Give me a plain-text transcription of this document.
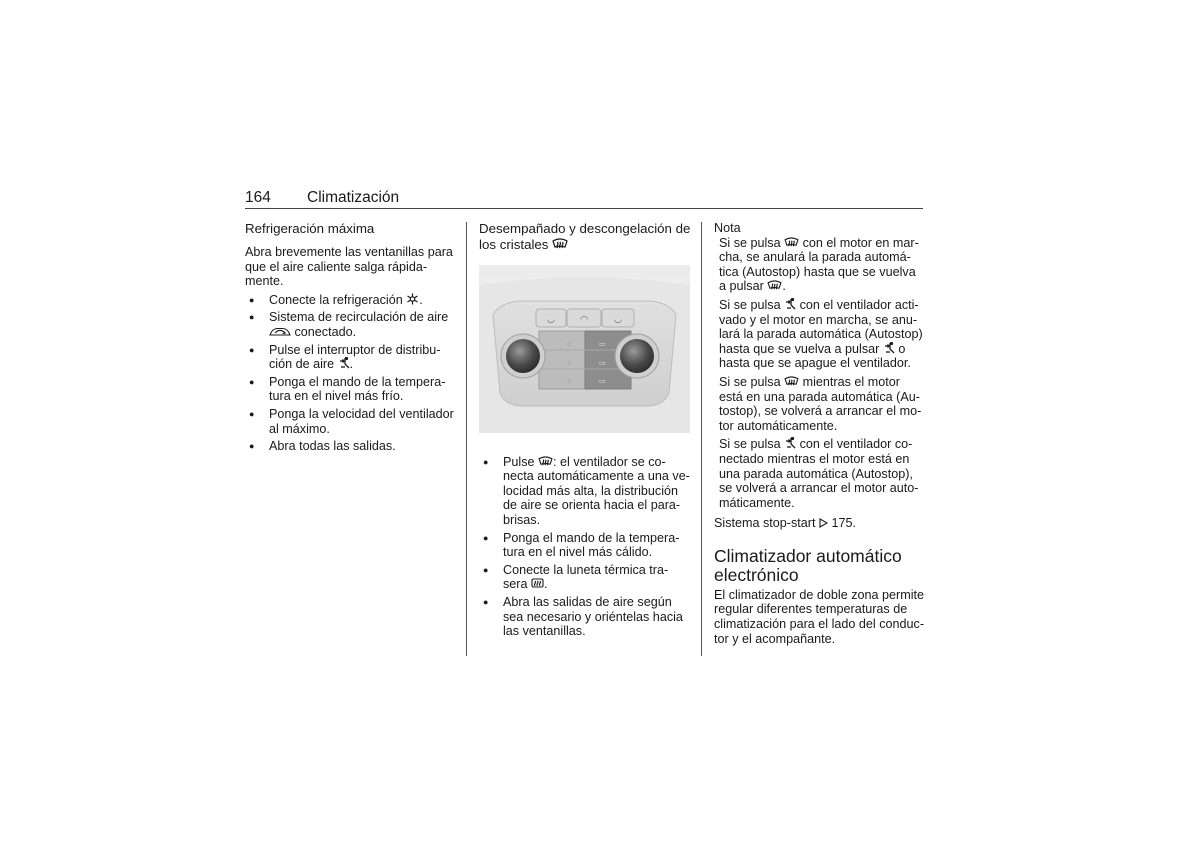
164 Climatización

Refrigeración máxima

Abra brevemente las ventanillas para que el aire caliente salga rápida-mente.

● Conecte la refrigeración .
● Sistema de recirculación de aire
conectado.
● Pulse el interruptor de distribu-ción de aire .
● Ponga el mando de la tempera-tura en el nivel más frío.
● Ponga la velocidad del ventilador al máximo.
● Abra todas las salidas.

Desempañado y descongelación de los cristales

◡	◠	◡
◌	▭
◌	▭
◌	▭
● Pulse : el ventilador se co-necta automáticamente a una ve-locidad más alta, la distribución de aire se orienta hacia el para-brisas.
● Ponga el mando de la tempera-tura en el nivel más cálido.
● Conecte la luneta térmica tra-sera .
● Abra las salidas de aire según sea necesario y oriéntelas hacia las ventanillas.

Nota

Si se pulsa con el motor en mar-cha, se anulará la parada automá-tica (Autostop) hasta que se vuelva a pulsar .

Si se pulsa con el ventilador acti-vado y el motor en marcha, se anu-lará la parada automática (Autostop) hasta que se vuelva a pulsar o hasta que se apague el ventilador.

Si se pulsa mientras el motor está en una parada automática (Au-tostop), se volverá a arrancar el mo-tor automáticamente.

Si se pulsa con el ventilador co-nectado mientras el motor está en una parada automática (Autostop), se volverá a arrancar el motor auto-máticamente.

Sistema stop-start 175.

Climatizador automático electrónico

El climatizador de doble zona permite regular diferentes temperaturas de climatización para el lado del conduc-tor y el acompañante.
